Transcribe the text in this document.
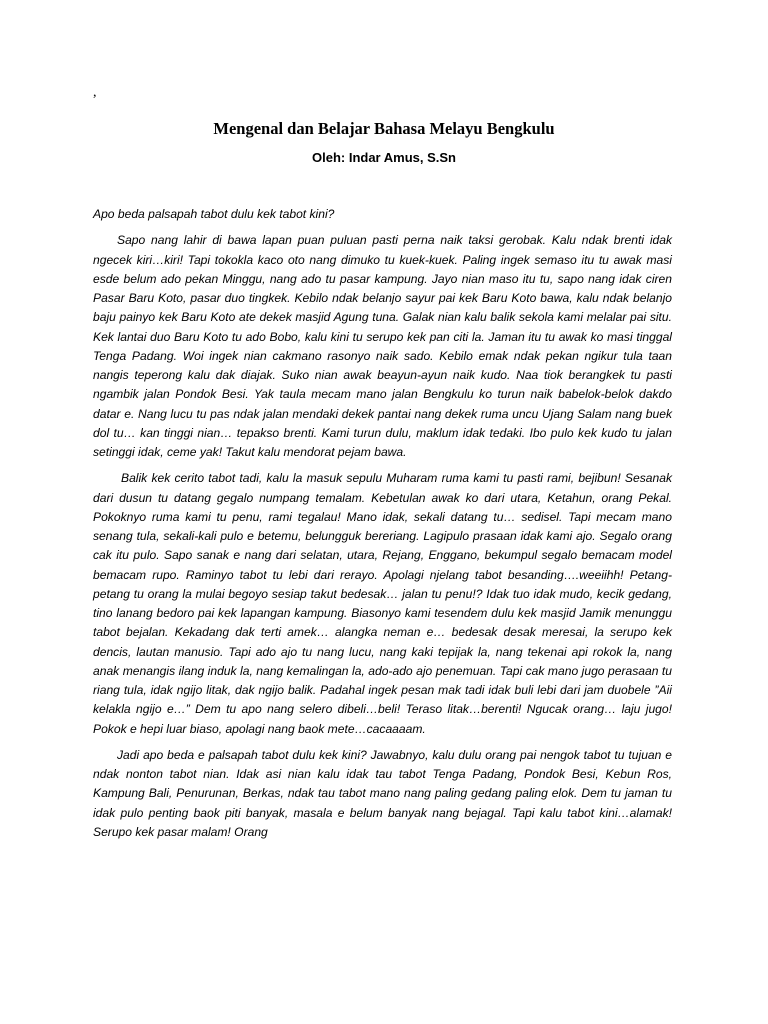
,
Mengenal dan Belajar Bahasa Melayu Bengkulu
Oleh: Indar Amus, S.Sn

Apo beda palsapah tabot dulu kek tabot kini?

Sapo nang lahir di bawa lapan puan puluan pasti perna naik taksi gerobak. Kalu ndak brenti idak ngecek kiri…kiri! Tapi tokokla kaco oto nang dimuko tu kuek-kuek. Paling ingek semaso itu tu awak masi esde belum ado pekan Minggu, nang ado tu pasar kampung. Jayo nian maso itu tu, sapo nang idak ciren Pasar Baru Koto, pasar duo tingkek. Kebilo ndak belanjo sayur pai kek Baru Koto bawa, kalu ndak belanjo baju painyo kek Baru Koto ate dekek masjid Agung tuna. Galak nian kalu balik sekola kami melalar pai situ. Kek lantai duo Baru Koto tu ado Bobo, kalu kini tu serupo kek pan citi la. Jaman itu tu awak ko masi tinggal Tenga Padang. Woi ingek nian cakmano rasonyo naik sado. Kebilo emak ndak pekan ngikur tula taan nangis teperong kalu dak diajak. Suko nian awak beayun-ayun naik kudo. Naa tiok berangkek tu pasti ngambik jalan Pondok Besi. Yak taula mecam mano jalan Bengkulu ko turun naik babelok-belok dakdo datar e. Nang lucu tu pas ndak jalan mendaki dekek pantai nang dekek ruma uncu Ujang Salam nang buek dol tu… kan tinggi nian… tepakso brenti. Kami turun dulu, maklum idak tedaki. Ibo pulo kek kudo tu jalan setinggi idak, ceme yak! Takut kalu mendorat pejam bawa.

Balik kek cerito tabot tadi, kalu la masuk sepulu Muharam ruma kami tu pasti rami, bejibun! Sesanak dari dusun tu datang gegalo numpang temalam. Kebetulan awak ko dari utara, Ketahun, orang Pekal. Pokoknyo ruma kami tu penu, rami tegalau! Mano idak, sekali datang tu… sedisel. Tapi mecam mano senang tula, sekali-kali pulo e betemu, belungguk bereriang. Lagipulo prasaan idak kami ajo. Segalo orang cak itu pulo. Sapo sanak e nang dari selatan, utara, Rejang, Enggano, bekumpul segalo bemacam model bemacam rupo. Raminyo tabot tu lebi dari rerayo. Apolagi njelang tabot besanding….weeiihh! Petang-petang tu orang la mulai begoyo sesiap takut bedesak… jalan tu penu!? Idak tuo idak mudo, kecik gedang, tino lanang bedoro pai kek lapangan kampung. Biasonyo kami tesendem dulu kek masjid Jamik menunggu tabot bejalan. Kekadang dak terti amek… alangka neman e… bedesak desak meresai, la serupo kek dencis, lautan manusio. Tapi ado ajo tu nang lucu, nang kaki tepijak la, nang tekenai api rokok la, nang anak menangis ilang induk la, nang kemalingan la, ado-ado ajo penemuan. Tapi cak mano jugo perasaan tu riang tula, idak ngijo litak, dak ngijo balik. Padahal ingek pesan mak tadi idak buli lebi dari jam duobele ”Aii kelakla ngijo e…” Dem tu apo nang selero dibeli…beli! Teraso litak…berenti! Ngucak orang… laju jugo! Pokok e hepi luar biaso, apolagi nang baok mete…cacaaaam.

Jadi apo beda e palsapah tabot dulu kek kini? Jawabnyo, kalu dulu orang pai nengok tabot tu tujuan e ndak nonton tabot nian. Idak asi nian kalu idak tau tabot Tenga Padang, Pondok Besi, Kebun Ros, Kampung Bali, Penurunan, Berkas, ndak tau tabot mano nang paling gedang paling elok. Dem tu jaman tu idak pulo penting baok piti banyak, masala e belum banyak nang bejagal. Tapi kalu tabot kini…alamak! Serupo kek pasar malam! Orang
